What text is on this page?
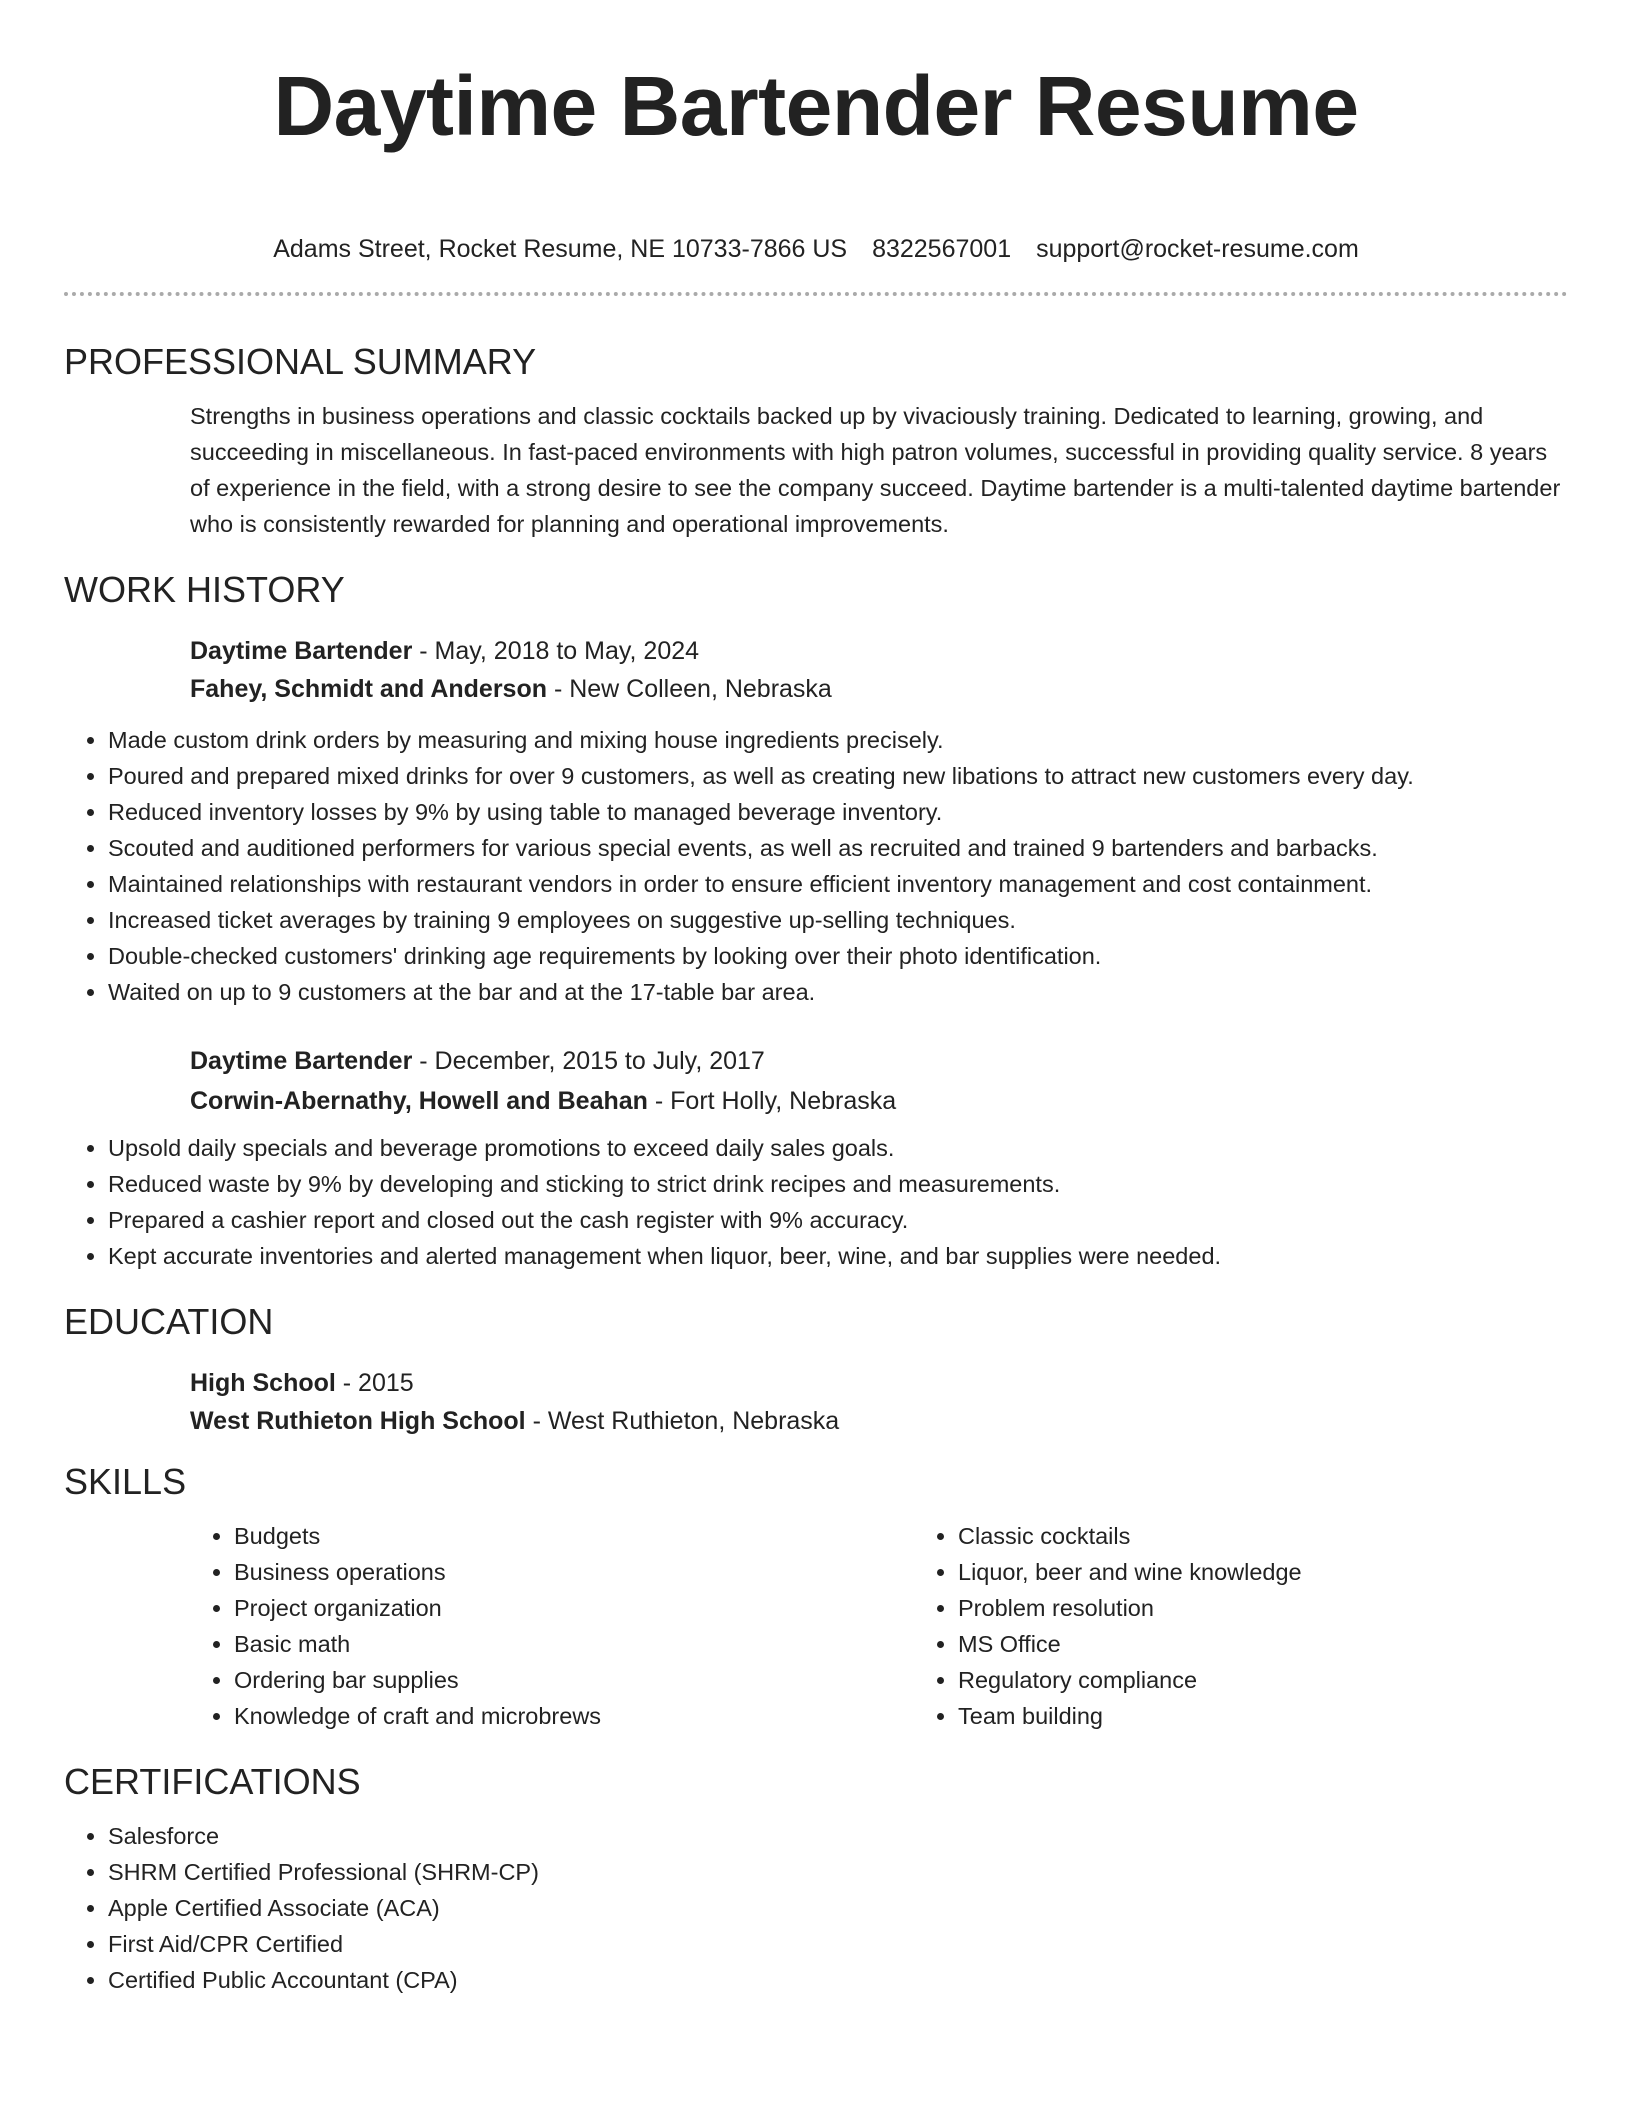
Daytime Bartender Resume
Adams Street, Rocket Resume, NE 10733-7866 US 8322567001 support@rocket-resume.com
PROFESSIONAL SUMMARY

Strengths in business operations and classic cocktails backed up by vivaciously training. Dedicated to learning, growing, and succeeding in miscellaneous. In fast-paced environments with high patron volumes, successful in providing quality service. 8 years of experience in the field, with a strong desire to see the company succeed. Daytime bartender is a multi-talented daytime bartender who is consistently rewarded for planning and operational improvements.

WORK HISTORY
Daytime Bartender - May, 2018 to May, 2024
Fahey, Schmidt and Anderson - New Colleen, Nebraska
• Made custom drink orders by measuring and mixing house ingredients precisely.
• Poured and prepared mixed drinks for over 9 customers, as well as creating new libations to attract new customers every day.
• Reduced inventory losses by 9% by using table to managed beverage inventory.
• Scouted and auditioned performers for various special events, as well as recruited and trained 9 bartenders and barbacks.
• Maintained relationships with restaurant vendors in order to ensure efficient inventory management and cost containment.
• Increased ticket averages by training 9 employees on suggestive up-selling techniques.
• Double-checked customers' drinking age requirements by looking over their photo identification.
• Waited on up to 9 customers at the bar and at the 17-table bar area.
Daytime Bartender - December, 2015 to July, 2017
Corwin-Abernathy, Howell and Beahan - Fort Holly, Nebraska
• Upsold daily specials and beverage promotions to exceed daily sales goals.
• Reduced waste by 9% by developing and sticking to strict drink recipes and measurements.
• Prepared a cashier report and closed out the cash register with 9% accuracy.
• Kept accurate inventories and alerted management when liquor, beer, wine, and bar supplies were needed.
EDUCATION
High School - 2015
West Ruthieton High School - West Ruthieton, Nebraska
SKILLS
• Budgets
• Business operations
• Project organization
• Basic math
• Ordering bar supplies
• Knowledge of craft and microbrews
• Classic cocktails
• Liquor, beer and wine knowledge
• Problem resolution
• MS Office
• Regulatory compliance
• Team building
CERTIFICATIONS
• Salesforce
• SHRM Certified Professional (SHRM-CP)
• Apple Certified Associate (ACA)
• First Aid/CPR Certified
• Certified Public Accountant (CPA)
